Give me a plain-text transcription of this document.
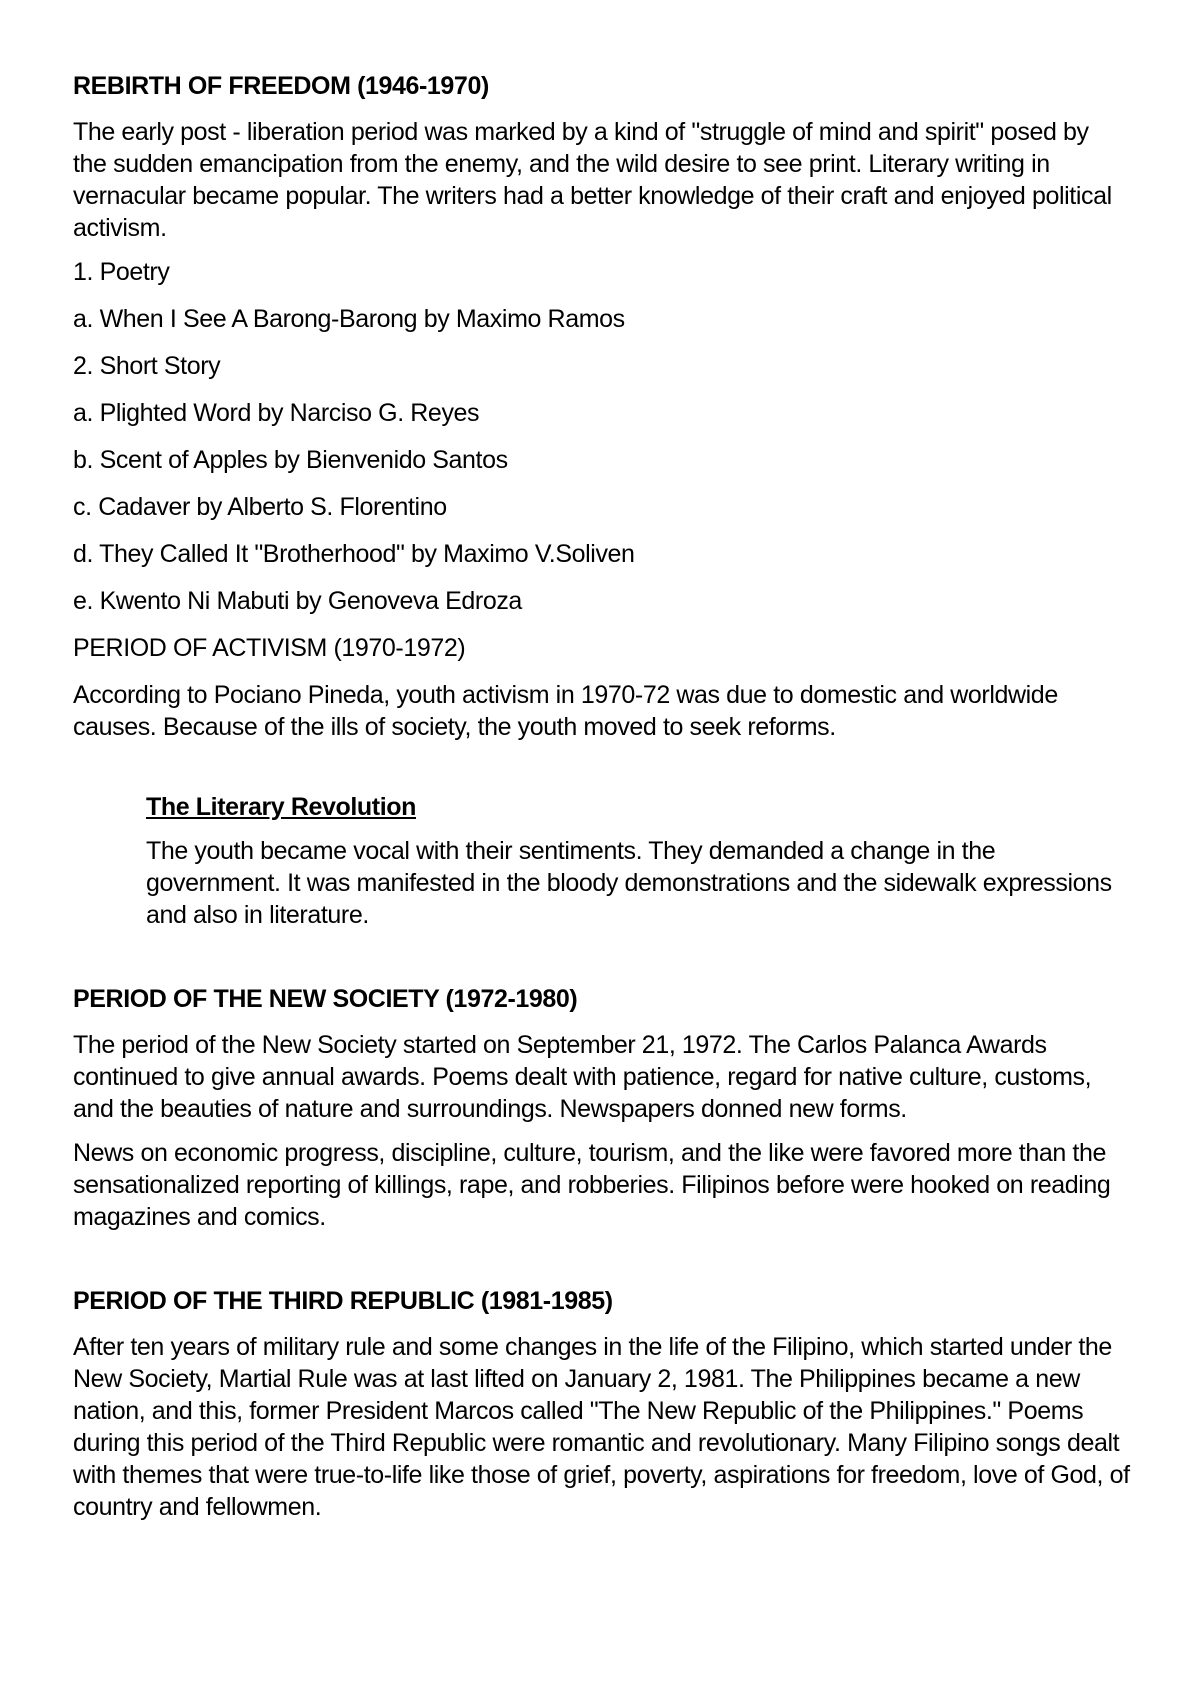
REBIRTH OF FREEDOM (1946-1970)
The early post - liberation period was marked by a kind of "struggle of mind and spirit" posed by the sudden emancipation from the enemy, and the wild desire to see print. Literary writing in vernacular became popular. The writers had a better knowledge of their craft and enjoyed political activism.
1. Poetry
a. When I See A Barong-Barong by Maximo Ramos
2. Short Story
a. Plighted Word by Narciso G. Reyes
b. Scent of Apples by Bienvenido Santos
c. Cadaver by Alberto S. Florentino
d. They Called It "Brotherhood" by Maximo V.Soliven
e. Kwento Ni Mabuti by Genoveva Edroza
PERIOD OF ACTIVISM (1970-1972)
According to Pociano Pineda, youth activism in 1970-72 was due to domestic and worldwide causes. Because of the ills of society, the youth moved to seek reforms.
The Literary Revolution
The youth became vocal with their sentiments. They demanded a change in the government. It was manifested in the bloody demonstrations and the sidewalk expressions and also in literature.
PERIOD OF THE NEW SOCIETY (1972-1980)
The period of the New Society started on September 21, 1972. The Carlos Palanca Awards continued to give annual awards. Poems dealt with patience, regard for native culture, customs, and the beauties of nature and surroundings. Newspapers donned new forms.
News on economic progress, discipline, culture, tourism, and the like were favored more than the sensationalized reporting of killings, rape, and robberies. Filipinos before were hooked on reading magazines and comics.
PERIOD OF THE THIRD REPUBLIC (1981-1985)
After ten years of military rule and some changes in the life of the Filipino, which started under the New Society, Martial Rule was at last lifted on January 2, 1981. The Philippines became a new nation, and this, former President Marcos called "The New Republic of the Philippines." Poems during this period of the Third Republic were romantic and revolutionary. Many Filipino songs dealt with themes that were true-to-life like those of grief, poverty, aspirations for freedom, love of God, of country and fellowmen.
